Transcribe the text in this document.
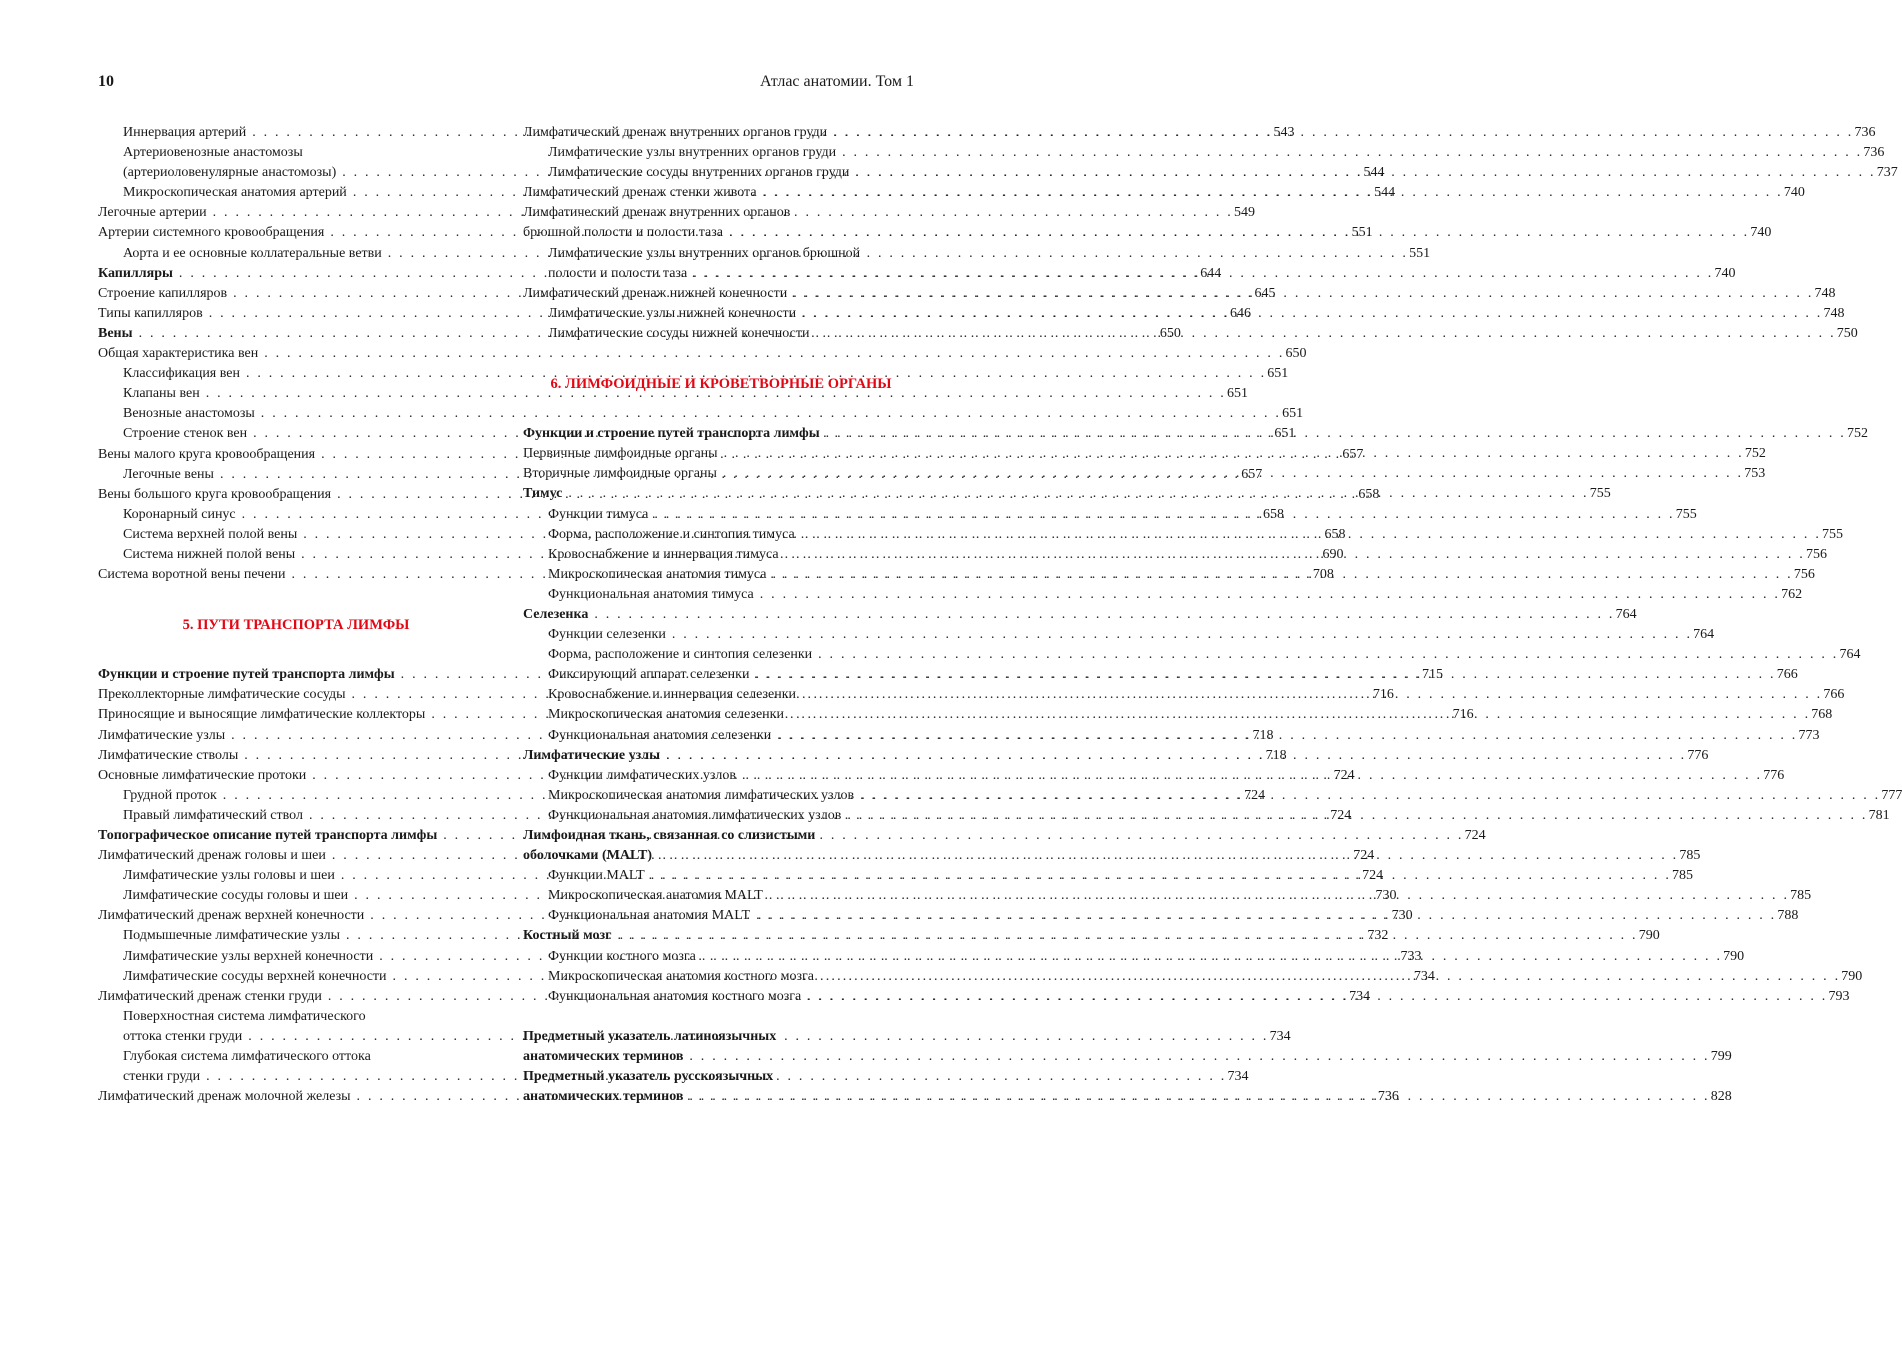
10	Атлас анатомии. Том 1
Иннервация артерий . . .	543
Артериовенозные анастомозы
(артериоловенулярные анастомозы) . . .	544
Микроскопическая анатомия артерий . . .	544
Легочные артерии . . .	549
Артерии системного кровообращения . . .	551
Аорта и ее основные коллатеральные ветви . . .	551
Капилляры . . .	644
Строение капилляров . . .	645
Типы капилляров . . .	646
Вены . . .	650
Общая характеристика вен . . .	650
Классификация вен . . .	651
Клапаны вен . . .	651
Венозные анастомозы . . .	651
Строение стенок вен . . .	651
Вены малого круга кровообращения . . .	657
Легочные вены . . .	657
Вены большого круга кровообращения . . .	658
Коронарный синус . . .	658
Система верхней полой вены . . .	658
Система нижней полой вены . . .	690
Система воротной вены печени . . .	708
5. ПУТИ ТРАНСПОРТА ЛИМФЫ
Функции и строение путей транспорта лимфы . . .	715
Преколлекторные лимфатические сосуды . . .	716
Приносящие и выносящие лимфатические коллекторы . . .	716
Лимфатические узлы . . .	718
Лимфатические стволы . . .	718
Основные лимфатические протоки . . .	724
Грудной проток . . .	724
Правый лимфатический ствол . . .	724
Топографическое описание путей транспорта лимфы . . .	724
Лимфатический дренаж головы и шеи . . .	724
Лимфатические узлы головы и шеи . . .	724
Лимфатические сосуды головы и шеи . . .	730
Лимфатический дренаж верхней конечности . . .	730
Подмышечные лимфатические узлы . . .	732
Лимфатические узлы верхней конечности . . .	733
Лимфатические сосуды верхней конечности . . .	734
Лимфатический дренаж стенки груди . . .	734
Поверхностная система лимфатического
оттока стенки груди . . .	734
Глубокая система лимфатического оттока
стенки груди . . .	734
Лимфатический дренаж молочной железы . . .	736
Лимфатический дренаж внутренних органов груди . . .	736
Лимфатические узлы внутренних органов груди . . .	736
Лимфатические сосуды внутренних органов груди . . .	737
Лимфатический дренаж стенки живота . . .	740
Лимфатический дренаж внутренних органов
брюшной полости и полости таза . . .	740
Лимфатические узлы внутренних органов брюшной
полости и полости таза . . .	740
Лимфатический дренаж нижней конечности . . .	748
Лимфатические узлы нижней конечности . . .	748
Лимфатические сосуды нижней конечности . . .	750
6. ЛИМФОИДНЫЕ И КРОВЕТВОРНЫЕ ОРГАНЫ
Функции и строение путей транспорта лимфы . . .	752
Первичные лимфоидные органы . . .	752
Вторичные лимфоидные органы . . .	753
Тимус . . .	755
Функции тимуса . . .	755
Форма, расположение и синтопия тимуса . . .	755
Кровоснабжение и иннервация тимуса . . .	756
Микроскопическая анатомия тимуса . . .	756
Функциональная анатомия тимуса . . .	762
Селезенка . . .	764
Функции селезенки . . .	764
Форма, расположение и синтопия селезенки . . .	764
Фиксирующий аппарат селезенки . . .	766
Кровоснабжение и иннервация селезенки . . .	766
Микроскопическая анатомия селезенки . . .	768
Функциональная анатомия селезенки . . .	773
Лимфатические узлы . . .	776
Функции лимфатических узлов . . .	776
Микроскопическая анатомия лимфатических узлов . . .	777
Функциональная анатомия лимфатических узлов . . .	781
Лимфоидная ткань, связанная со слизистыми
оболочками (MALT) . . .	785
Функции MALT . . .	785
Микроскопическая анатомия MALT . . .	785
Функциональная анатомия MALT . . .	788
Костный мозг . . .	790
Функции костного мозга . . .	790
Микроскопическая анатомия костного мозга . . .	790
Функциональная анатомия костного мозга . . .	793
Предметный указатель латиноязычных
анатомических терминов . . .	799
Предметный указатель русскоязычных
анатомических терминов . . .	828
